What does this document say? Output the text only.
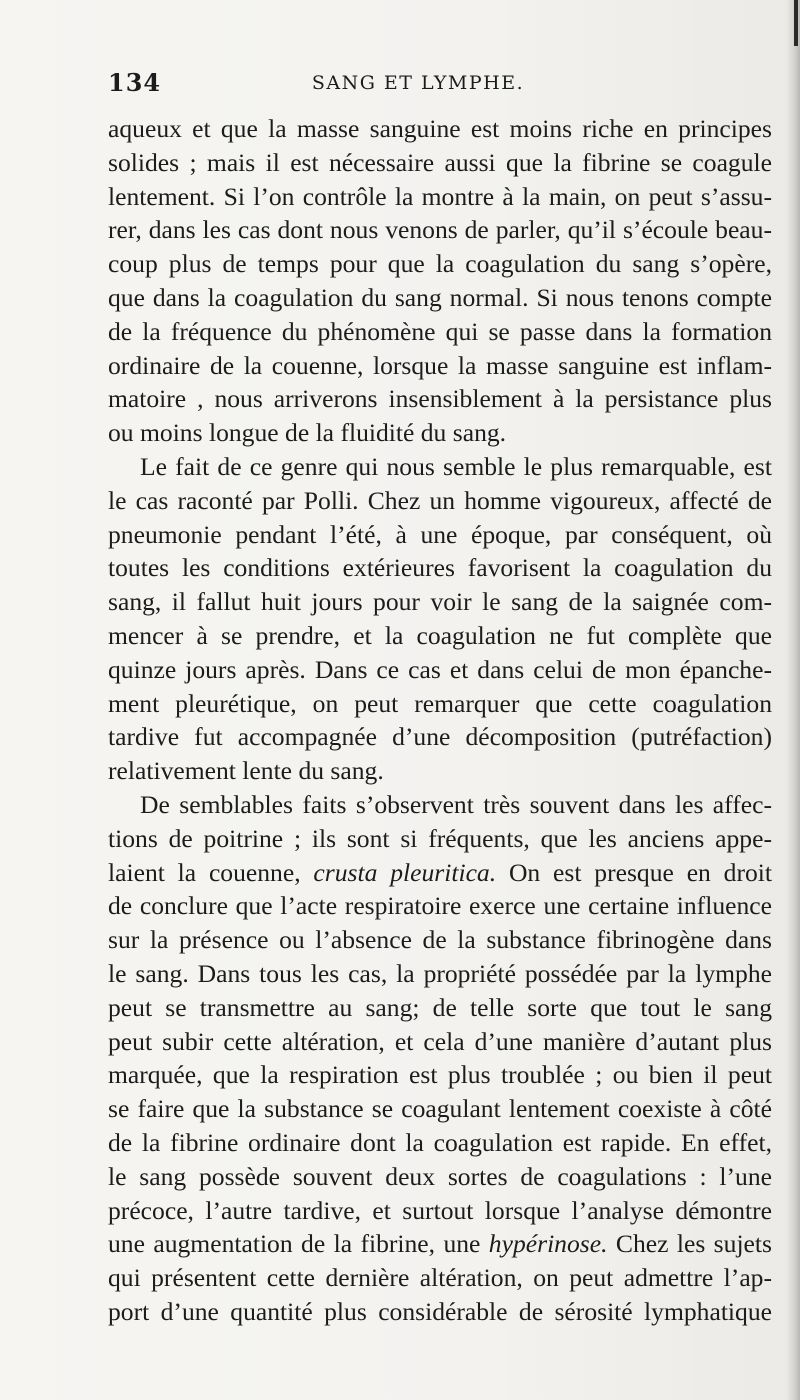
134	SANG ET LYMPHE.
aqueux et que la masse sanguine est moins riche en principes
solides ; mais il est nécessaire aussi que la fibrine se coagule
lentement. Si l’on contrôle la montre à la main, on peut s’assu-
rer, dans les cas dont nous venons de parler, qu’il s’écoule beau-
coup plus de temps pour que la coagulation du sang s’opère,
que dans la coagulation du sang normal. Si nous tenons compte
de la fréquence du phénomène qui se passe dans la formation
ordinaire de la couenne, lorsque la masse sanguine est inflam-
matoire , nous arriverons insensiblement à la persistance plus
ou moins longue de la fluidité du sang.
Le fait de ce genre qui nous semble le plus remarquable, est
le cas raconté par Polli. Chez un homme vigoureux, affecté de
pneumonie pendant l’été, à une époque, par conséquent, où
toutes les conditions extérieures favorisent la coagulation du
sang, il fallut huit jours pour voir le sang de la saignée com-
mencer à se prendre, et la coagulation ne fut complète que
quinze jours après. Dans ce cas et dans celui de mon épanche-
ment pleurétique, on peut remarquer que cette coagulation
tardive fut accompagnée d’une décomposition (putréfaction)
relativement lente du sang.
De semblables faits s’observent très souvent dans les affec-
tions de poitrine ; ils sont si fréquents, que les anciens appe-
laient la couenne, crusta pleuritica. On est presque en droit
de conclure que l’acte respiratoire exerce une certaine influence
sur la présence ou l’absence de la substance fibrinogène dans
le sang. Dans tous les cas, la propriété possédée par la lymphe
peut se transmettre au sang; de telle sorte que tout le sang
peut subir cette altération, et cela d’une manière d’autant plus
marquée, que la respiration est plus troublée ; ou bien il peut
se faire que la substance se coagulant lentement coexiste à côté
de la fibrine ordinaire dont la coagulation est rapide. En effet,
le sang possède souvent deux sortes de coagulations : l’une
précoce, l’autre tardive, et surtout lorsque l’analyse démontre
une augmentation de la fibrine, une hypérinose. Chez les sujets
qui présentent cette dernière altération, on peut admettre l’ap-
port d’une quantité plus considérable de sérosité lymphatique
